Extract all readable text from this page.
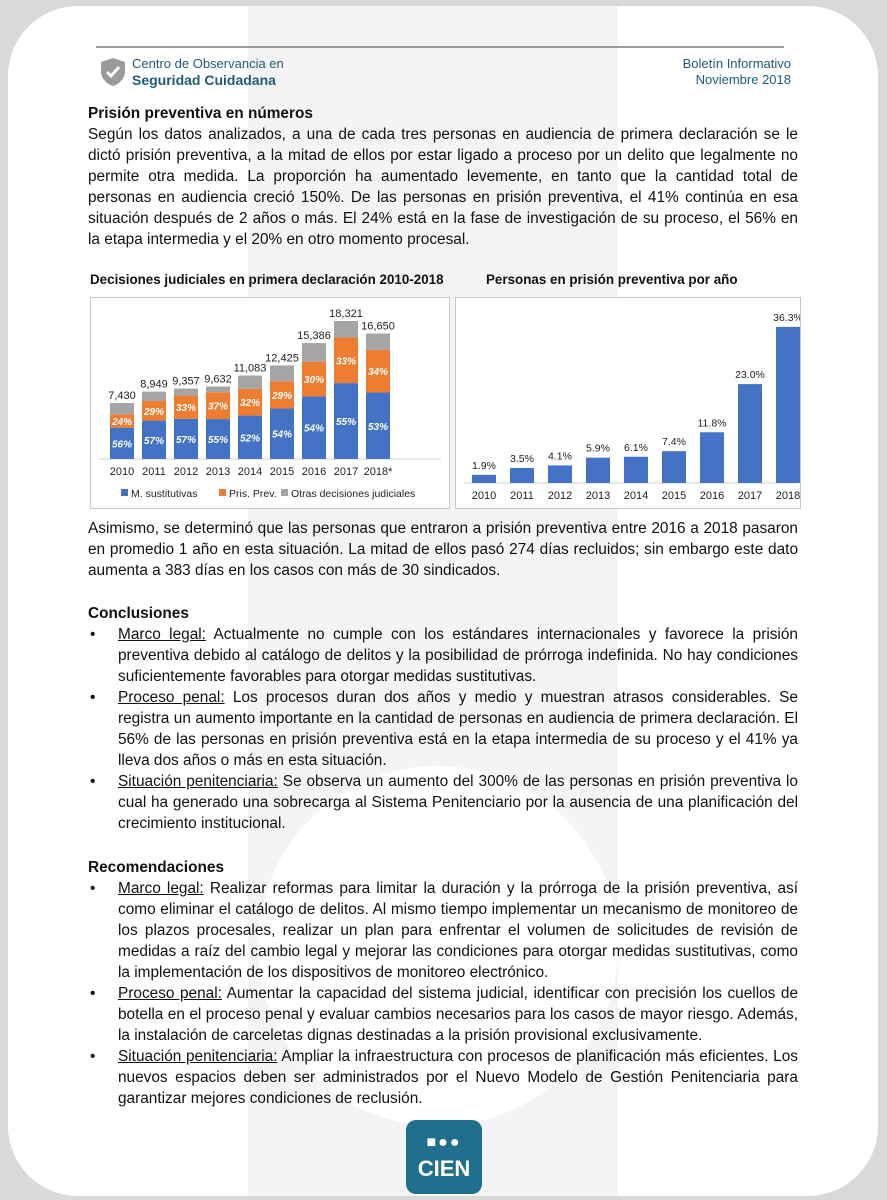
Centro de Observancia en
Seguridad Cuidadana
Boletín Informativo
Noviembre 2018
Prisión preventiva en números

Según los datos analizados, a una de cada tres personas en audiencia de primera declaración se le dictó prisión preventiva, a la mitad de ellos por estar ligado a proceso por un delito que legalmente no permite otra medida. La proporción ha aumentado levemente, en tanto que la cantidad total de personas en audiencia creció 150%. De las personas en prisión preventiva, el 41% continúa en esa situación después de 2 años o más. El 24% está en la fase de investigación de su proceso, el 56% en la etapa intermedia y el 20% en otro momento procesal.

Decisiones judiciales en primera declaración 2010-2018	Personas en prisión preventiva por año
56%
24%
7,430
2010
57%
29%
8,949
2011
57%
33%
9,357
2012
55%
37%
9,632
2013
52%
32%
11,083
2014
54%
29%
12,425
2015
54%
30%
15,386
2016
55%
33%
18,321
2017
53%
34%
16,650
2018*
M. sustitutivas	Pris. Prev. Otras decisiones judiciales
1.9%
2010
3.5%
2011
4.1%
2012
5.9%
2013
6.1%
2014
7.4%
2015
11.8%
2016
23.0%
2017
36.3%
2018

Asimismo, se determinó que las personas que entraron a prisión preventiva entre 2016 a 2018 pasaron en promedio 1 año en esta situación. La mitad de ellos pasó 274 días recluidos; sin embargo este dato aumenta a 383 días en los casos con más de 30 sindicados.

Conclusiones
• Marco legal: Actualmente no cumple con los estándares internacionales y favorece la prisión preventiva debido al catálogo de delitos y la posibilidad de prórroga indefinida. No hay condiciones suficientemente favorables para otorgar medidas sustitutivas.
• Proceso penal: Los procesos duran dos años y medio y muestran atrasos considerables. Se registra un aumento importante en la cantidad de personas en audiencia de primera declaración. El 56% de las personas en prisión preventiva está en la etapa intermedia de su proceso y el 41% ya lleva dos años o más en esta situación.
• Situación penitenciaria: Se observa un aumento del 300% de las personas en prisión preventiva lo cual ha generado una sobrecarga al Sistema Penitenciario por la ausencia de una planificación del crecimiento institucional.
Recomendaciones
• Marco legal: Realizar reformas para limitar la duración y la prórroga de la prisión preventiva, así como eliminar el catálogo de delitos. Al mismo tiempo implementar un mecanismo de monitoreo de los plazos procesales, realizar un plan para enfrentar el volumen de solicitudes de revisión de medidas a raíz del cambio legal y mejorar las condiciones para otorgar medidas sustitutivas, como la implementación de los dispositivos de monitoreo electrónico.
• Proceso penal: Aumentar la capacidad del sistema judicial, identificar con precisión los cuellos de botella en el proceso penal y evaluar cambios necesarios para los casos de mayor riesgo. Además, la instalación de carceletas dignas destinadas a la prisión provisional exclusivamente.
• Situación penitenciaria: Ampliar la infraestructura con procesos de planificación más eficientes. Los nuevos espacios deben ser administrados por el Nuevo Modelo de Gestión Penitenciaria para garantizar mejores condiciones de reclusión.
■●●
CIEN
